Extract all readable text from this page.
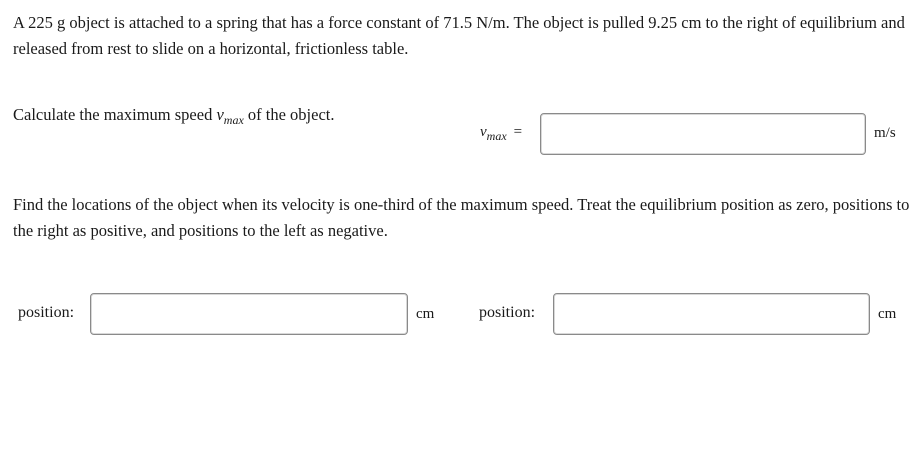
A 225 g object is attached to a spring that has a force constant of 71.5 N/m. The object is pulled 9.25 cm to the right of equilibrium and released from rest to slide on a horizontal, frictionless table.

Calculate the maximum speed $v_{max}$ of the object.

$v_{max}$ =	m/s

Find the locations of the object when its velocity is one-third of the maximum speed. Treat the equilibrium position as zero, positions to the right as positive, and positions to the left as negative.

position:	cm	position:	cm
